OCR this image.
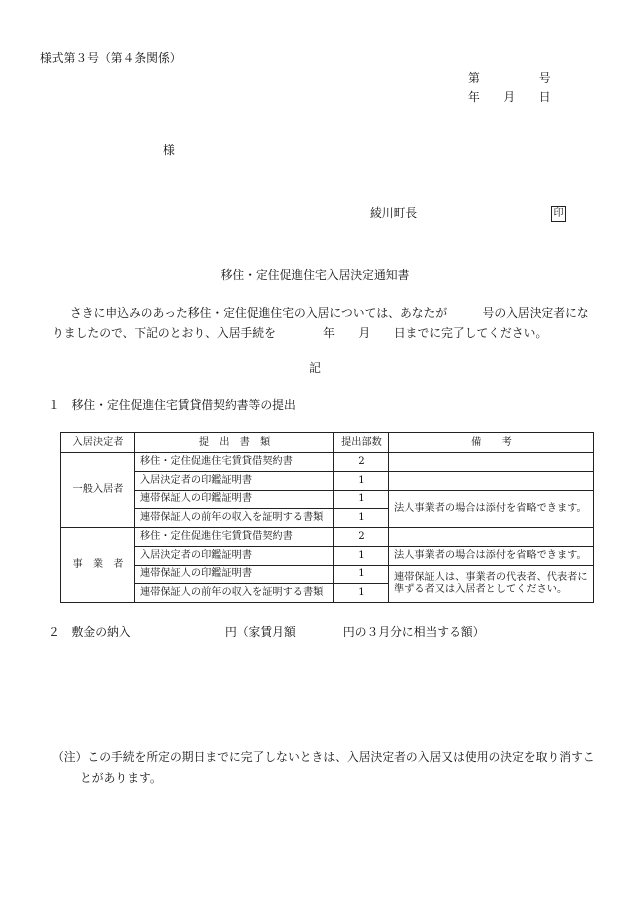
様式第３号（第４条関係）
第　　　　　号
年　　月　　日
様
綾川町長	印
移住・定住促進住宅入居決定通知書
さきに申込みのあった移住・定住促進住宅の入居については、あなたが　　　号の入居決定者にな
りましたので、下記のとおり、入居手続を　　　　年　　月　　日までに完了してください。
記
１　移住・定住促進住宅賃貸借契約書等の提出
入居決定者	提　出　書　類	提出部数	備　　考
一般入居者	移住・定住促進住宅賃貸借契約書	2	
	入居決定者の印鑑証明書	1	
	連帯保証人の印鑑証明書	1	法人事業者の場合は添付を省略できます。

	連帯保証人の前年の収入を証明する書類	1	
事　業　者	移住・定住促進住宅賃貸借契約書	2	
	入居決定者の印鑑証明書	1	法人事業者の場合は添付を省略できます。

	連帯保証人の印鑑証明書	1	連帯保証人は、事業者の代表者、代表者に
準ずる者又は入居者としてください。

	連帯保証人の前年の収入を証明する書類	1	
２　敷金の納入　　　　　　　　円（家賃月額　　　　円の３月分に相当する額）
（注）この手続を所定の期日までに完了しないときは、入居決定者の入居又は使用の決定を取り消すこ
とがあります。
